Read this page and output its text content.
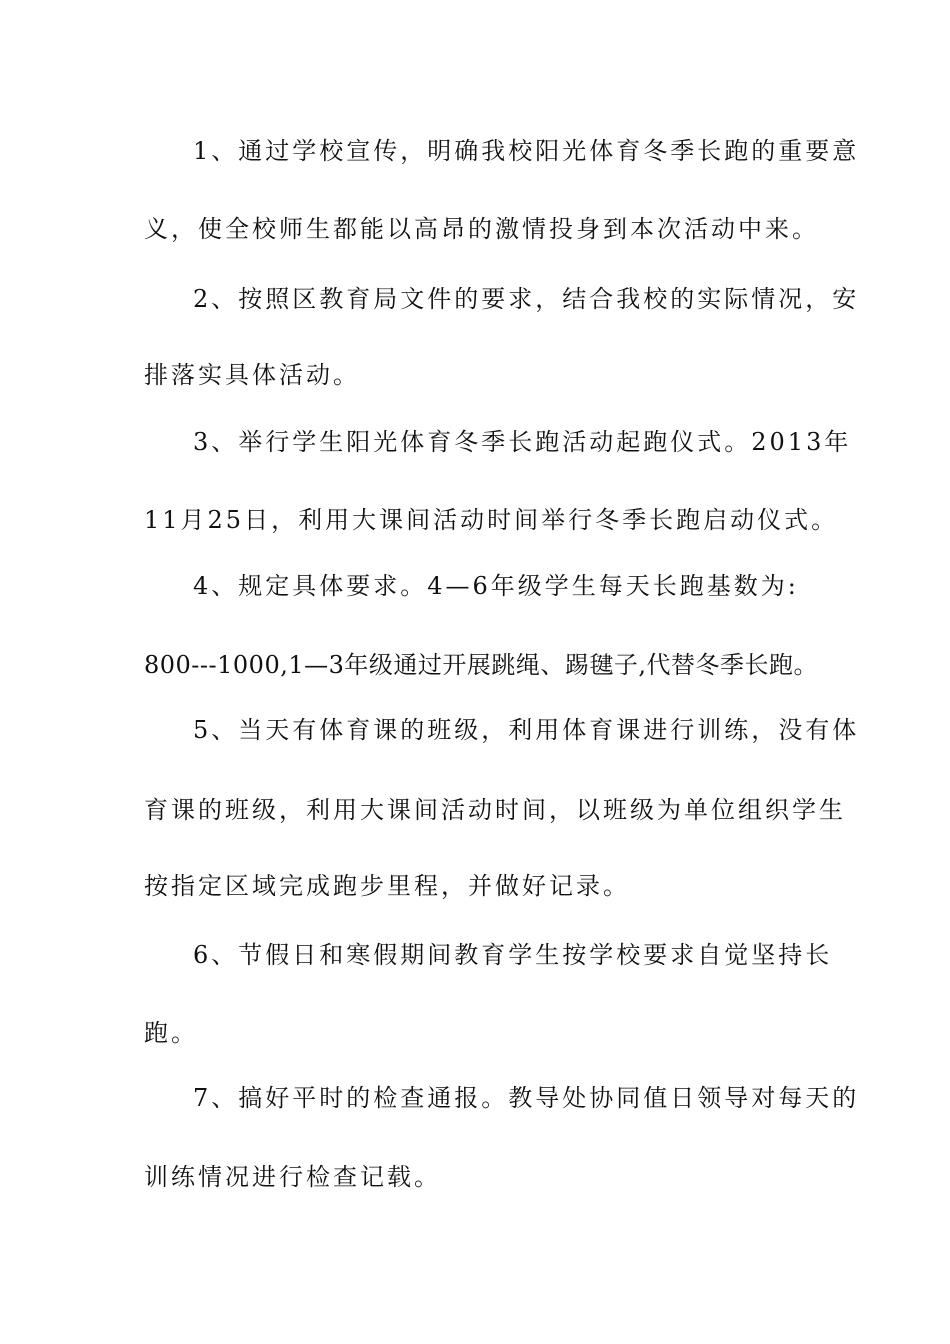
1、通过学校宣传，明确我校阳光体育冬季长跑的重要意
义，使全校师生都能以高昂的激情投身到本次活动中来。
2、按照区教育局文件的要求，结合我校的实际情况，安
排落实具体活动。
3、举行学生阳光体育冬季长跑活动起跑仪式。2013年
11月25日，利用大课间活动时间举行冬季长跑启动仪式。
4、规定具体要求。4—6年级学生每天长跑基数为:
800---1000,1—3年级通过开展跳绳、踢毽子,代替冬季长跑。
5、当天有体育课的班级，利用体育课进行训练，没有体
育课的班级，利用大课间活动时间，以班级为单位组织学生
按指定区域完成跑步里程，并做好记录。
6、节假日和寒假期间教育学生按学校要求自觉坚持长
跑。
7、搞好平时的检查通报。教导处协同值日领导对每天的
训练情况进行检查记载。
